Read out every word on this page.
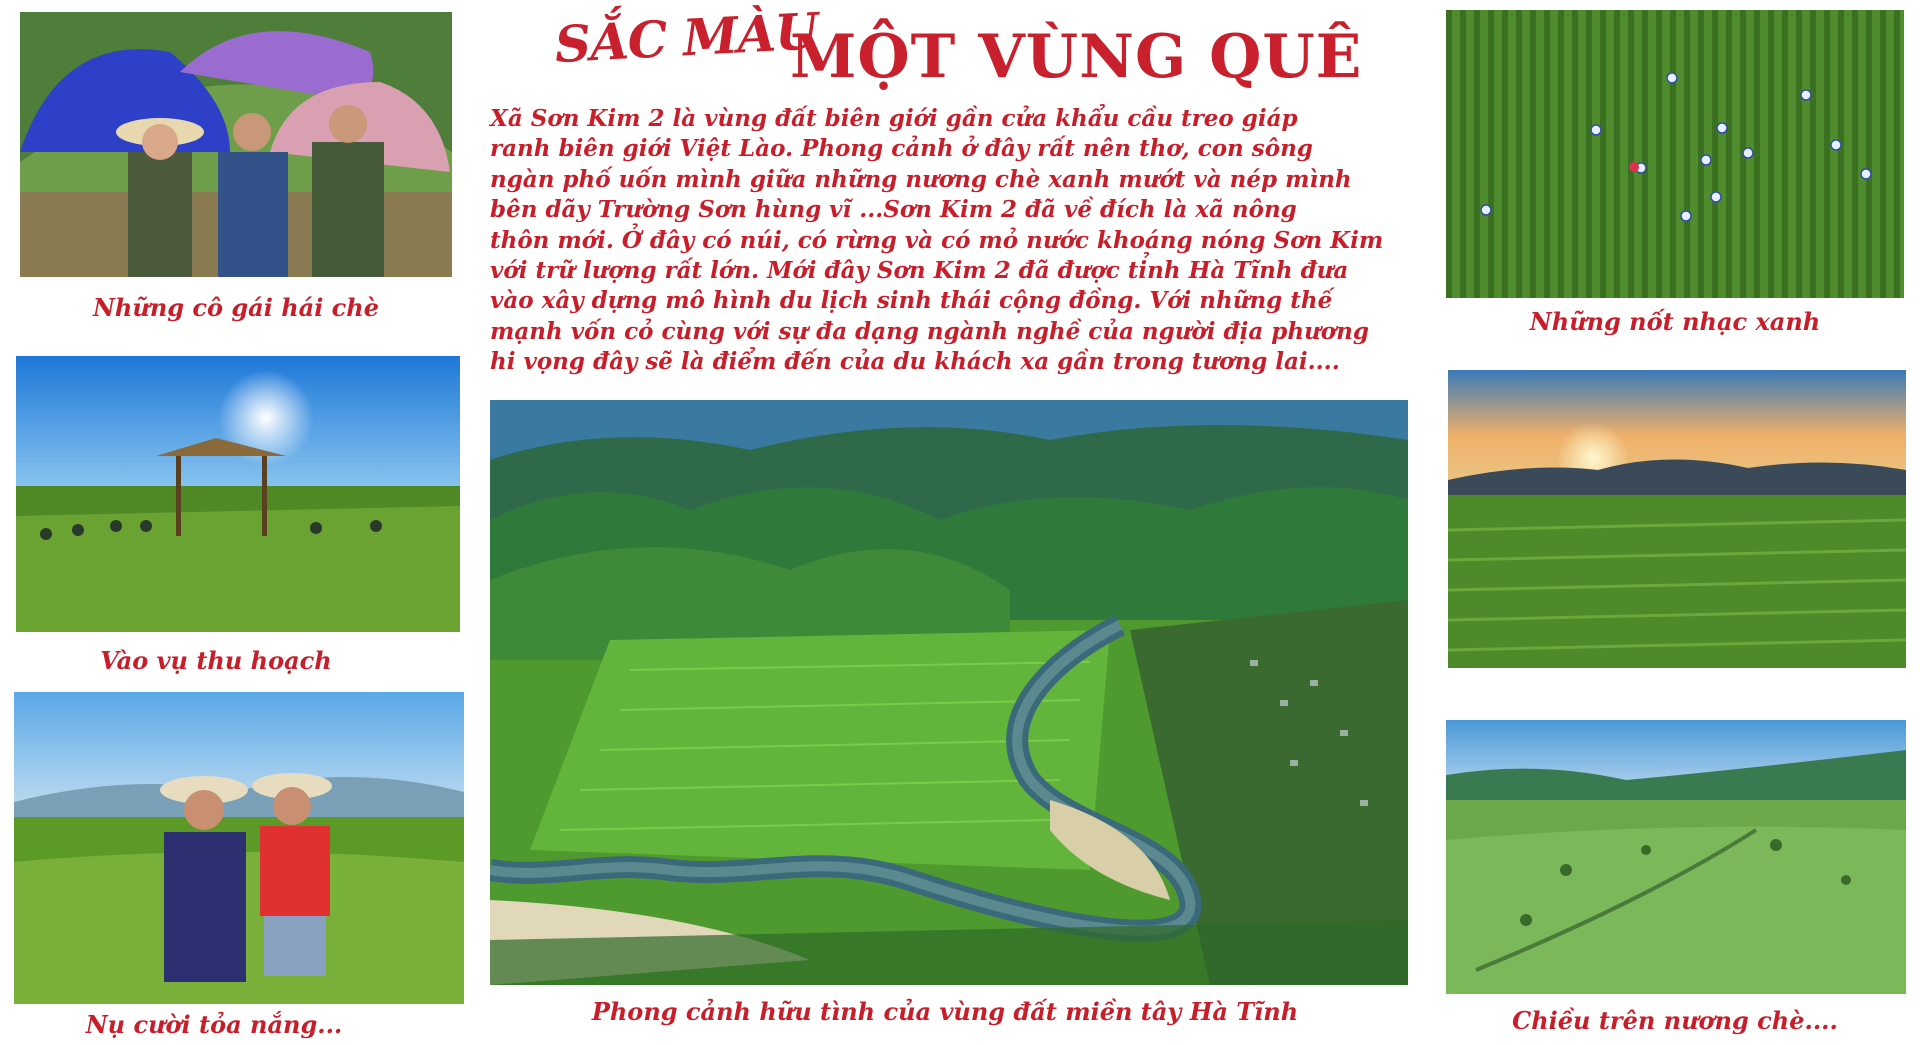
SẮC MÀU
MỘT VÙNG QUÊ
Xã Sơn Kim 2 là vùng đất biên giới gần cửa khẩu cầu treo giáp
ranh biên giới Việt Lào. Phong cảnh ở đây rất nên thơ, con sông
ngàn phố uốn mình giữa những nương chè xanh mướt và nép mình
bên dãy Trường Sơn hùng vĩ ...Sơn Kim 2 đã về đích là xã nông
thôn mới. Ở đây có núi, có rừng và có mỏ nước khoáng nóng Sơn Kim
với trữ lượng rất lớn. Mới đây Sơn Kim 2 đã được tỉnh Hà Tĩnh đưa
vào xây dựng mô hình du lịch sinh thái cộng đồng. Với những thế
mạnh vốn cỏ cùng với sự đa dạng ngành nghề của người địa phương
hi vọng đây sẽ là điểm đến của du khách xa gần trong tương lai....
Những cô gái hái chè
Vào vụ thu hoạch
Nụ cười tỏa nắng...	Phong cảnh hữu tình của vùng đất miền tây Hà Tĩnh
Những nốt nhạc xanh
Chiều trên nương chè....
